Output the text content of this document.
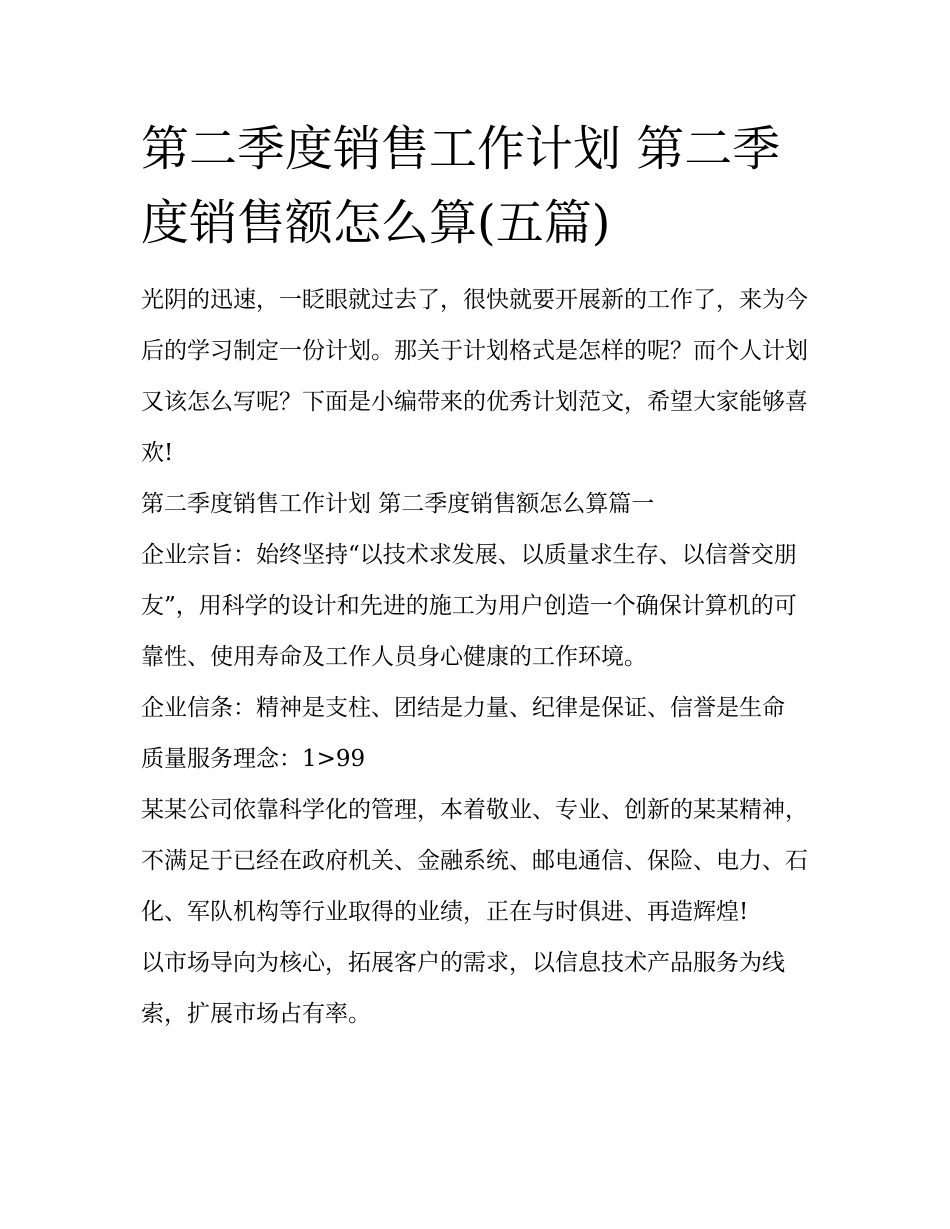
第二季度销售工作计划 第二季度销售额怎么算(五篇)

光阴的迅速，一眨眼就过去了，很快就要开展新的工作了，来为今后的学习制定一份计划。那关于计划格式是怎样的呢？而个人计划又该怎么写呢？下面是小编带来的优秀计划范文，希望大家能够喜欢!

第二季度销售工作计划 第二季度销售额怎么算篇一

企业宗旨：始终坚持“以技术求发展、以质量求生存、以信誉交朋友”，用科学的设计和先进的施工为用户创造一个确保计算机的可靠性、使用寿命及工作人员身心健康的工作环境。

企业信条：精神是支柱、团结是力量、纪律是保证、信誉是生命 质量服务理念：1>99

某某公司依靠科学化的管理，本着敬业、专业、创新的某某精神，不满足于已经在政府机关、金融系统、邮电通信、保险、电力、石化、军队机构等行业取得的业绩，正在与时俱进、再造辉煌!

以市场导向为核心，拓展客户的需求，以信息技术产品服务为线索，扩展市场占有率。
